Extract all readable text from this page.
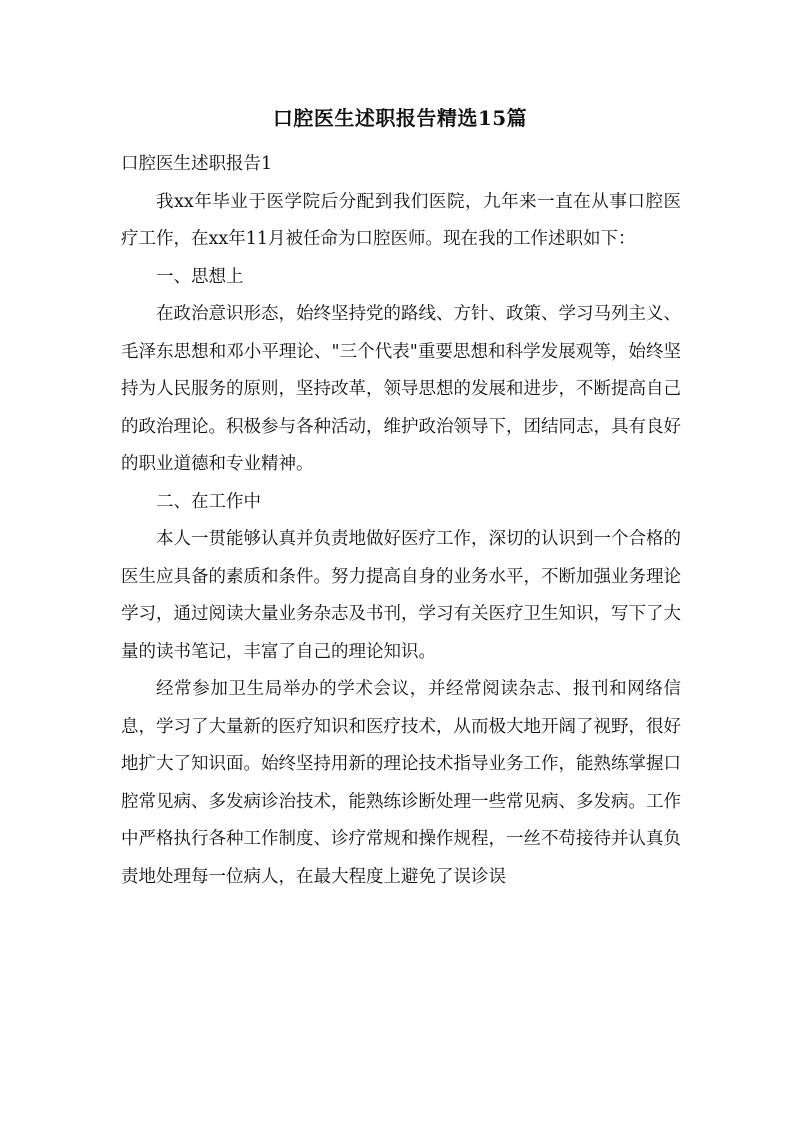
口腔医生述职报告精选15篇

口腔医生述职报告1

我xx年毕业于医学院后分配到我们医院，九年来一直在从事口腔医疗工作，在xx年11月被任命为口腔医师。现在我的工作述职如下：

一、思想上

在政治意识形态，始终坚持党的路线、方针、政策、学习马列主义、毛泽东思想和邓小平理论、"三个代表"重要思想和科学发展观等，始终坚持为人民服务的原则，坚持改革，领导思想的发展和进步，不断提高自己的政治理论。积极参与各种活动，维护政治领导下，团结同志，具有良好的职业道德和专业精神。

二、在工作中

本人一贯能够认真并负责地做好医疗工作，深切的认识到一个合格的医生应具备的素质和条件。努力提高自身的业务水平，不断加强业务理论学习，通过阅读大量业务杂志及书刊，学习有关医疗卫生知识，写下了大量的读书笔记，丰富了自己的理论知识。

经常参加卫生局举办的学术会议，并经常阅读杂志、报刊和网络信息，学习了大量新的医疗知识和医疗技术，从而极大地开阔了视野，很好地扩大了知识面。始终坚持用新的理论技术指导业务工作，能熟练掌握口腔常见病、多发病诊治技术，能熟练诊断处理一些常见病、多发病。工作中严格执行各种工作制度、诊疗常规和操作规程，一丝不苟接待并认真负责地处理每一位病人，在最大程度上避免了误诊误
